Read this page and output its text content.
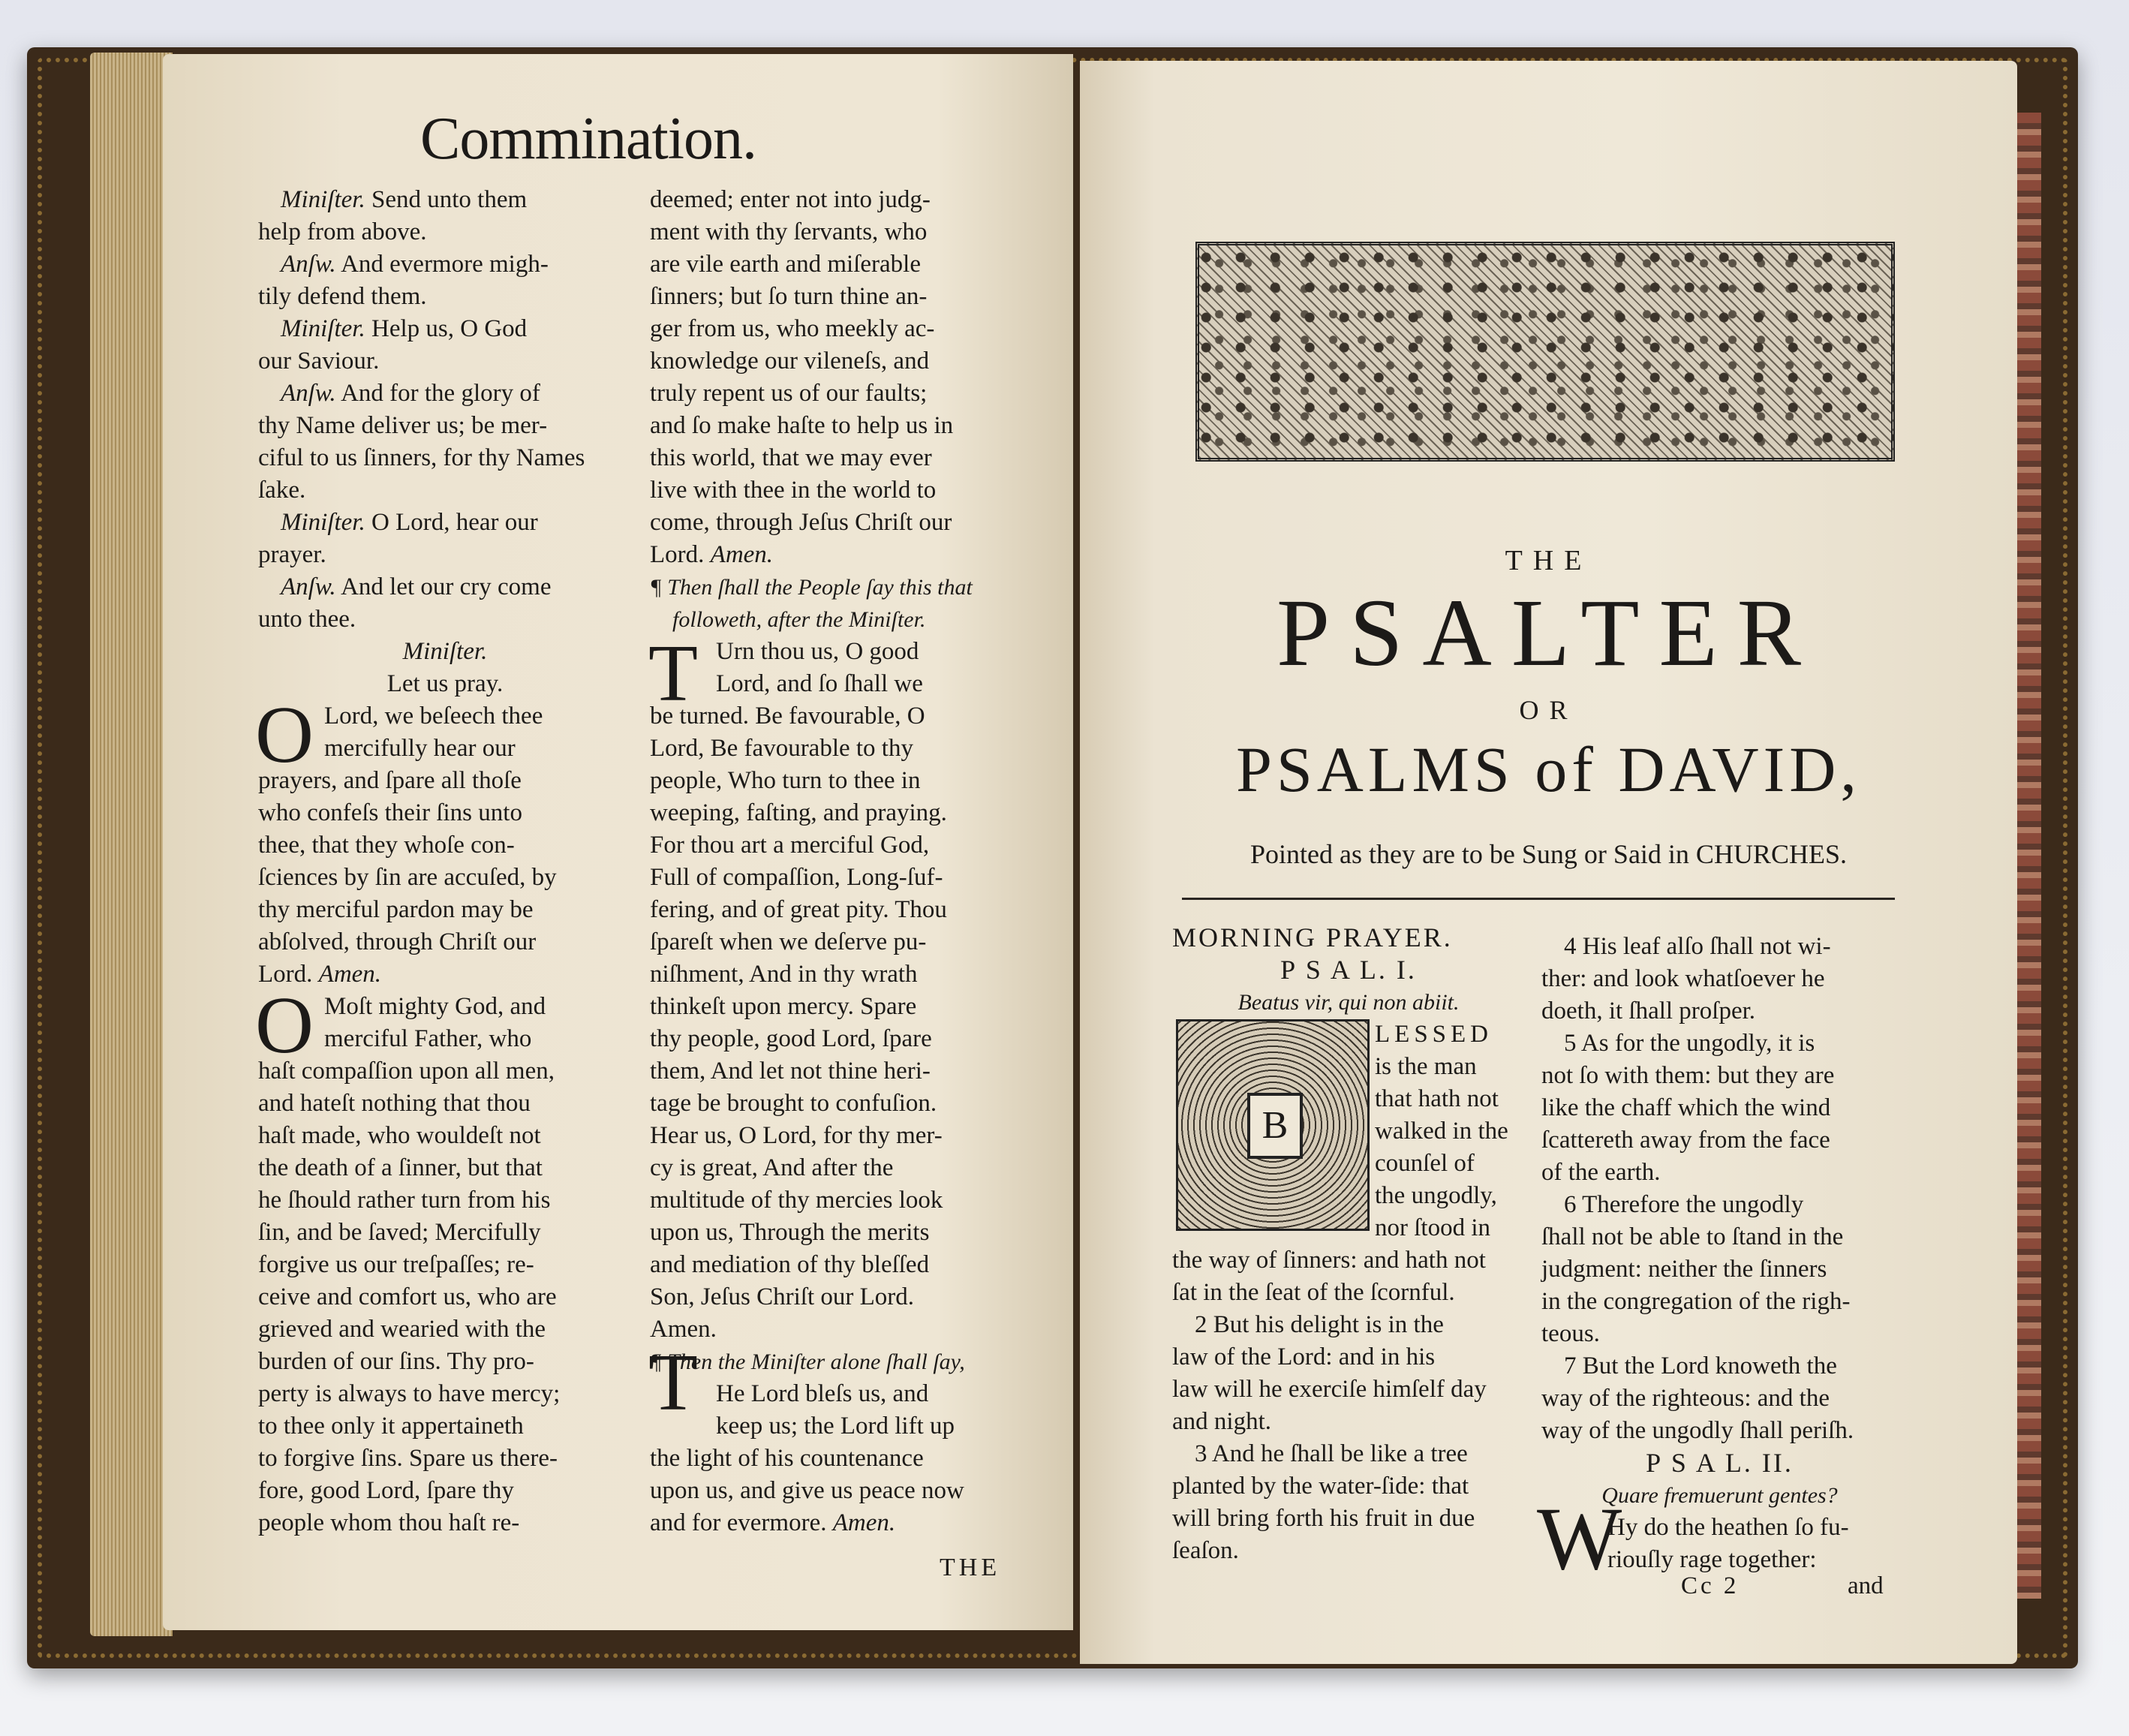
Commination.
Miniſter. Send unto them
help from above.
Anſw. And evermore migh-
tily defend them.
Miniſter. Help us, O God
our Saviour.
Anſw. And for the glory of
thy Name deliver us; be mer-
ciful to us ſinners, for thy Names
ſake.
Miniſter. O Lord, hear our
prayer.
Anſw. And let our cry come
unto thee.
Miniſter.
Let us pray.
Lord, we beſeech thee
mercifully hear our
prayers, and ſpare all thoſe
who confeſs their ſins unto
thee, that they whoſe con-
ſciences by ſin are accuſed, by
thy merciful pardon may be
abſolved, through Chriſt our
Lord. Amen.
Moſt mighty God, and
merciful Father, who
haſt compaſſion upon all men,
and hateſt nothing that thou
haſt made, who wouldeſt not
the death of a ſinner, but that
he ſhould rather turn from his
ſin, and be ſaved; Mercifully
forgive us our treſpaſſes; re-
ceive and comfort us, who are
grieved and wearied with the
burden of our ſins. Thy pro-
perty is always to have mercy;
to thee only it appertaineth
to forgive ſins. Spare us there-
fore, good Lord, ſpare thy
people whom thou haſt re-
O
O
deemed; enter not into judg-
ment with thy ſervants, who
are vile earth and miſerable
ſinners; but ſo turn thine an-
ger from us, who meekly ac-
knowledge our vileneſs, and
truly repent us of our faults;
and ſo make haſte to help us in
this world, that we may ever
live with thee in the world to
come, through Jeſus Chriſt our
Lord. Amen.
¶ Then ſhall the People ſay this that
followeth, after the Miniſter.
Urn thou us, O good
Lord, and ſo ſhall we
be turned. Be favourable, O
Lord, Be favourable to thy
people, Who turn to thee in
weeping, faſting, and praying.
For thou art a merciful God,
Full of compaſſion, Long-ſuf-
fering, and of great pity. Thou
ſpareſt when we deſerve pu-
niſhment, And in thy wrath
thinkeſt upon mercy. Spare
thy people, good Lord, ſpare
them, And let not thine heri-
tage be brought to confuſion.
Hear us, O Lord, for thy mer-
cy is great, And after the
multitude of thy mercies look
upon us, Through the merits
and mediation of thy bleſſed
Son, Jeſus Chriſt our Lord.
Amen.
¶ Then the Miniſter alone ſhall ſay,
He Lord bleſs us, and
keep us; the Lord lift up
the light of his countenance
upon us, and give us peace now
and for evermore. Amen.
T
T
THE
THE
PSALTER
OR
PSALMS of DAVID,
Pointed as they are to be Sung or Said in CHURCHES.
B
MORNING PRAYER.
P S A L. I.
Beatus vir, qui non abiit.
LESSED
is the man
that hath not
walked in the
counſel of
the ungodly,
nor ſtood in
the way of ſinners: and hath not
ſat in the ſeat of the ſcornful.
2 But his delight is in the
law of the Lord: and in his
law will he exerciſe himſelf day
and night.
3 And he ſhall be like a tree
planted by the water-ſide: that
will bring forth his fruit in due
ſeaſon.
4 His leaf alſo ſhall not wi-
ther: and look whatſoever he
doeth, it ſhall proſper.
5 As for the ungodly, it is
not ſo with them: but they are
like the chaff which the wind
ſcattereth away from the face
of the earth.
6 Therefore the ungodly
ſhall not be able to ſtand in the
judgment: neither the ſinners
in the congregation of the righ-
teous.
7 But the Lord knoweth the
way of the righteous: and the
way of the ungodly ſhall periſh.
P S A L. II.
Quare fremuerunt gentes?
Hy do the heathen ſo fu-
riouſly rage together:
W Cc 2	and
